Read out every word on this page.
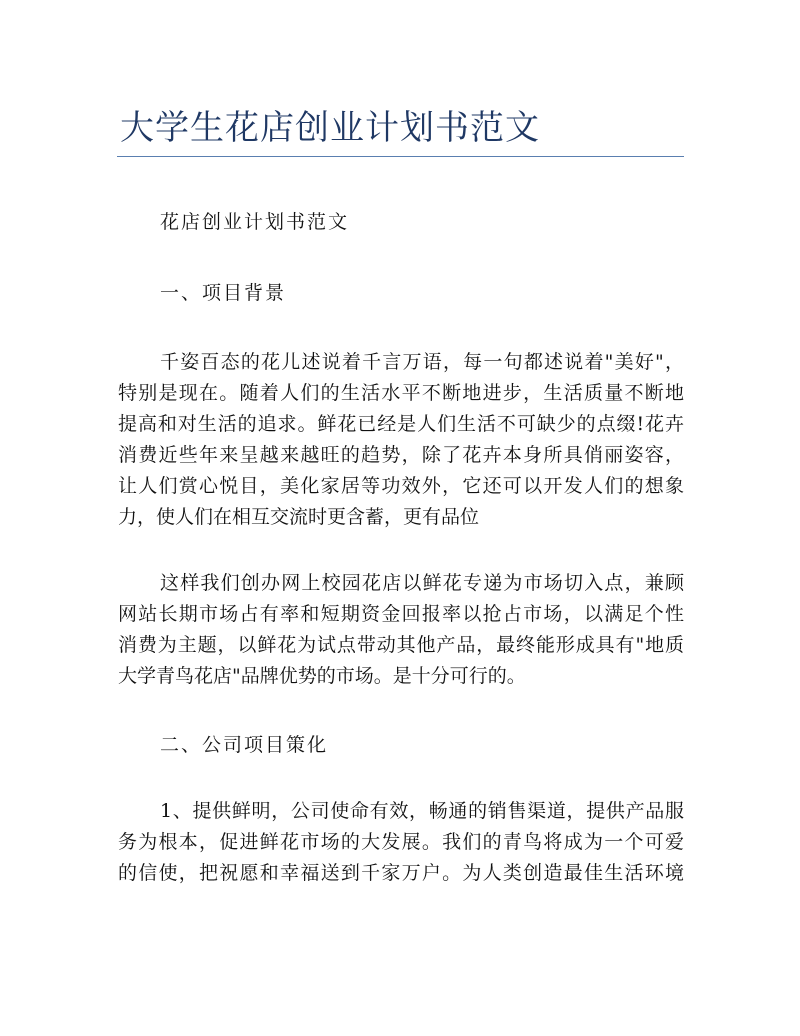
大学生花店创业计划书范文
花店创业计划书范文
一、项目背景
千姿百态的花儿述说着千言万语，每一句都述说着"美好"，
特别是现在。随着人们的生活水平不断地进步，生活质量不断地
提高和对生活的追求。鲜花已经是人们生活不可缺少的点缀!花卉
消费近些年来呈越来越旺的趋势，除了花卉本身所具俏丽姿容，
让人们赏心悦目，美化家居等功效外，它还可以开发人们的想象
力，使人们在相互交流时更含蓄，更有品位
这样我们创办网上校园花店以鲜花专递为市场切入点，兼顾
网站长期市场占有率和短期资金回报率以抢占市场，以满足个性
消费为主题，以鲜花为试点带动其他产品，最终能形成具有"地质
大学青鸟花店"品牌优势的市场。是十分可行的。
二、公司项目策化
1、提供鲜明，公司使命有效，畅通的销售渠道，提供产品服
务为根本，促进鲜花市场的大发展。我们的青鸟将成为一个可爱
的信使，把祝愿和幸福送到千家万户。为人类创造最佳生活环境
